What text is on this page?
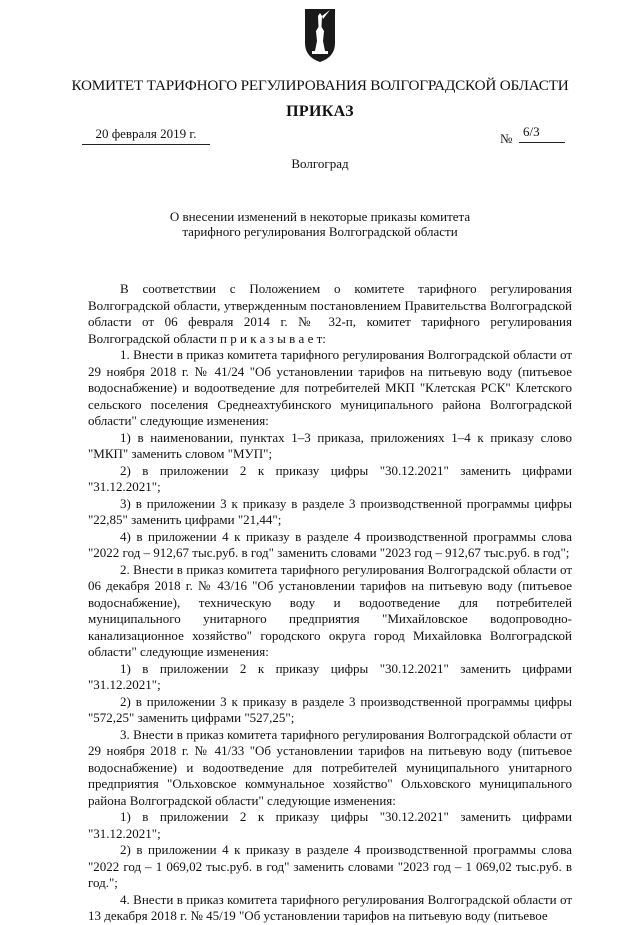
КОМИТЕТ ТАРИФНОГО РЕГУЛИРОВАНИЯ ВОЛГОГРАДСКОЙ ОБЛАСТИ
ПРИКАЗ
20 февраля 2019 г.	№ 6/3
Волгоград
О внесении изменений в некоторые приказы комитета тарифного регулирования Волгоградской области

В соответствии с Положением о комитете тарифного регулирования Волгоградской области, утвержденным постановлением Правительства Волгоградской области от 06 февраля 2014 г. № 32-п, комитет тарифного регулирования Волгоградской области п р и к а з ы в а е т:

1. Внести в приказ комитета тарифного регулирования Волгоградской области от 29 ноября 2018 г. № 41/24 "Об установлении тарифов на питьевую воду (питьевое водоснабжение) и водоотведение для потребителей МКП "Клетская РСК" Клетского сельского поселения Среднеахтубинского муниципального района Волгоградской области" следующие изменения:

1) в наименовании, пунктах 1–3 приказа, приложениях 1–4 к приказу слово "МКП" заменить словом "МУП";

2) в приложении 2 к приказу цифры "30.12.2021" заменить цифрами "31.12.2021";

3) в приложении 3 к приказу в разделе 3 производственной программы цифры "22,85" заменить цифрами "21,44";

4) в приложении 4 к приказу в разделе 4 производственной программы слова "2022 год – 912,67 тыс.руб. в год" заменить словами "2023 год – 912,67 тыс.руб. в год";

2. Внести в приказ комитета тарифного регулирования Волгоградской области от 06 декабря 2018 г. № 43/16 "Об установлении тарифов на питьевую воду (питьевое водоснабжение), техническую воду и водоотведение для потребителей муниципального унитарного предприятия "Михайловское водопроводно-канализационное хозяйство" городского округа город Михайловка Волгоградской области" следующие изменения:

1) в приложении 2 к приказу цифры "30.12.2021" заменить цифрами "31.12.2021";

2) в приложении 3 к приказу в разделе 3 производственной программы цифры "572,25" заменить цифрами "527,25";

3. Внести в приказ комитета тарифного регулирования Волгоградской области от 29 ноября 2018 г. № 41/33 "Об установлении тарифов на питьевую воду (питьевое водоснабжение) и водоотведение для потребителей муниципального унитарного предприятия "Ольховское коммунальное хозяйство" Ольховского муниципального района Волгоградской области" следующие изменения:

1) в приложении 2 к приказу цифры "30.12.2021" заменить цифрами "31.12.2021";

2) в приложении 4 к приказу в разделе 4 производственной программы слова "2022 год – 1 069,02 тыс.руб. в год" заменить словами "2023 год – 1 069,02 тыс.руб. в год.";

4. Внести в приказ комитета тарифного регулирования Волгоградской области от 13 декабря 2018 г. № 45/19 "Об установлении тарифов на питьевую воду (питьевое
